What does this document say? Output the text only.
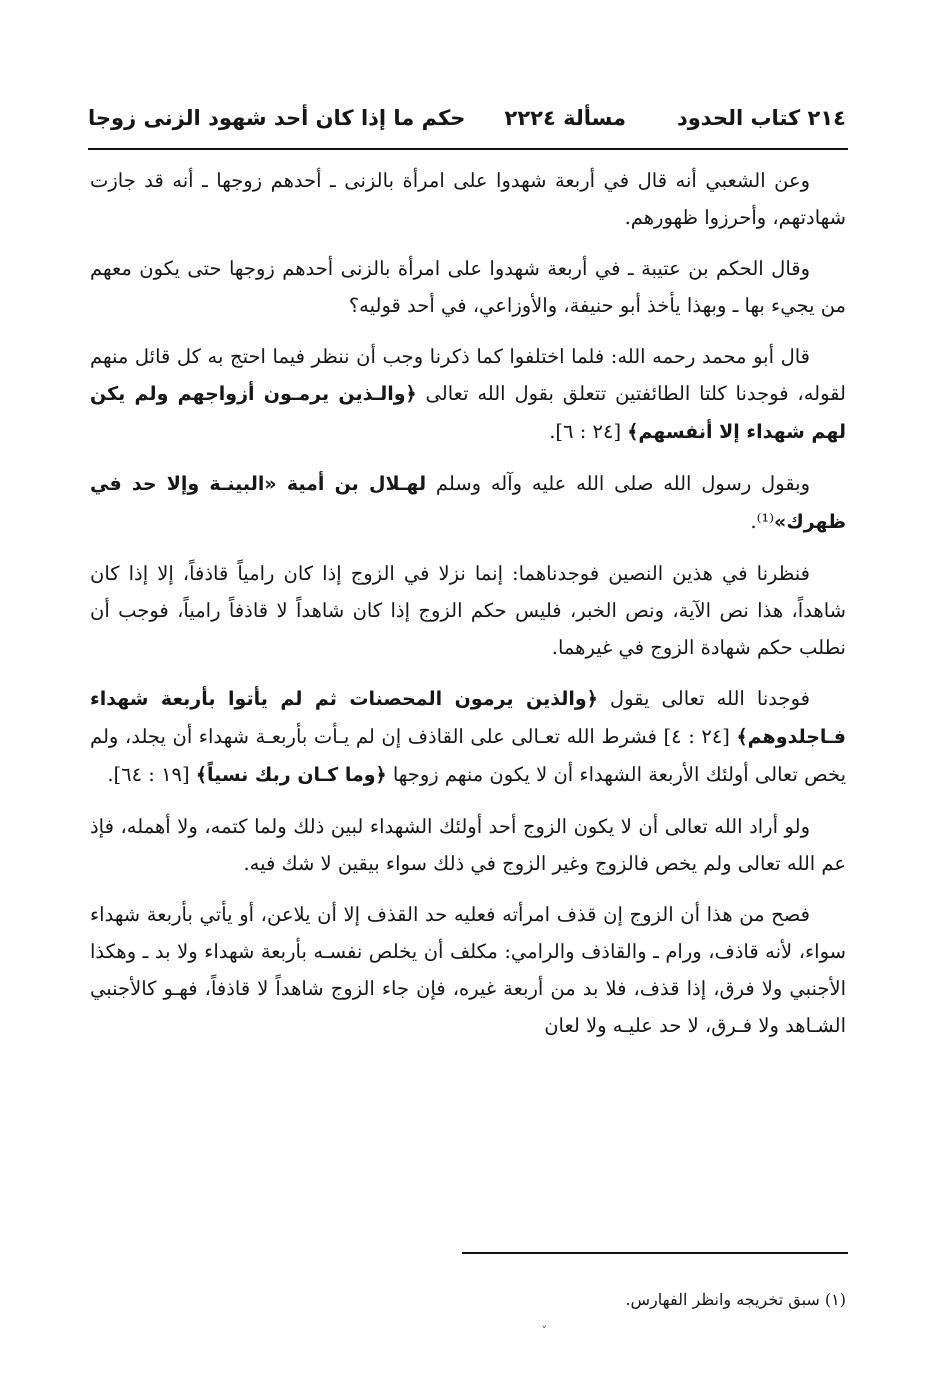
٢١٤ كتاب الحدود
مسألة ٢٢٢٤
حكم ما إذا كان أحد شهود الزنى زوجا

وعن الشعبي أنه قال في أربعة شهدوا على امرأة بالزنى ـ أحدهم زوجها ـ أنه قد جازت شهادتهم، وأحرزوا ظهورهم.

وقال الحكم بن عتيبة ـ في أربعة شهدوا على امرأة بالزنى أحدهم زوجها حتى يكون معهم من يجيء بها ـ وبهذا يأخذ أبو حنيفة، والأوزاعي، في أحد قوليه؟

قال أبو محمد رحمه الله: فلما اختلفوا كما ذكرنا وجب أن ننظر فيما احتج به كل قائل منهم لقوله، فوجدنا كلتا الطائفتين تتعلق بقول الله تعالى ﴿والـذين يرمـون أزواجهم ولم يكن لهم شهداء إلا أنفسهم﴾ [٢٤ : ٦].

وبقول رسول الله صلى الله عليه وآله وسلم لهـلال بن أمية «البينـة وإلا حد في ظهرك»⁽¹⁾.

فنظرنا في هذين النصين فوجدناهما: إنما نزلا في الزوج إذا كان رامياً قاذفاً، إلا إذا كان شاهداً، هذا نص الآية، ونص الخبر، فليس حكم الزوج إذا كان شاهداً لا قاذفاً رامياً، فوجب أن نطلب حكم شهادة الزوج في غيرهما.

فوجدنا الله تعالى يقول ﴿والذين يرمون المحصنات ثم لم يأتوا بأربعة شهداء فـاجلدوهم﴾ [٢٤ : ٤] فشرط الله تعـالى على القاذف إن لم يـأت بأربعـة شهداء أن يجلد، ولم يخص تعالى أولئك الأربعة الشهداء أن لا يكون منهم زوجها ﴿وما كـان ربك نسياً﴾ [١٩ : ٦٤].

ولو أراد الله تعالى أن لا يكون الزوج أحد أولئك الشهداء لبين ذلك ولما كتمه، ولا أهمله، فإذ عم الله تعالى ولم يخص فالزوج وغير الزوج في ذلك سواء بيقين لا شك فيه.

فصح من هذا أن الزوج إن قذف امرأته فعليه حد القذف إلا أن يلاعن، أو يأتي بأربعة شهداء سواء، لأنه قاذف، ورام ـ والقاذف والرامي: مكلف أن يخلص نفسـه بأربعة شهداء ولا بد ـ وهكذا الأجنبي ولا فرق، إذا قذف، فلا بد من أربعة غيره، فإن جاء الزوج شاهداً لا قاذفاً، فهـو كالأجنبي الشـاهد ولا فـرق، لا حد عليـه ولا لعان

(١) سبق تخريجه وانظر الفهارس.
ˇ
